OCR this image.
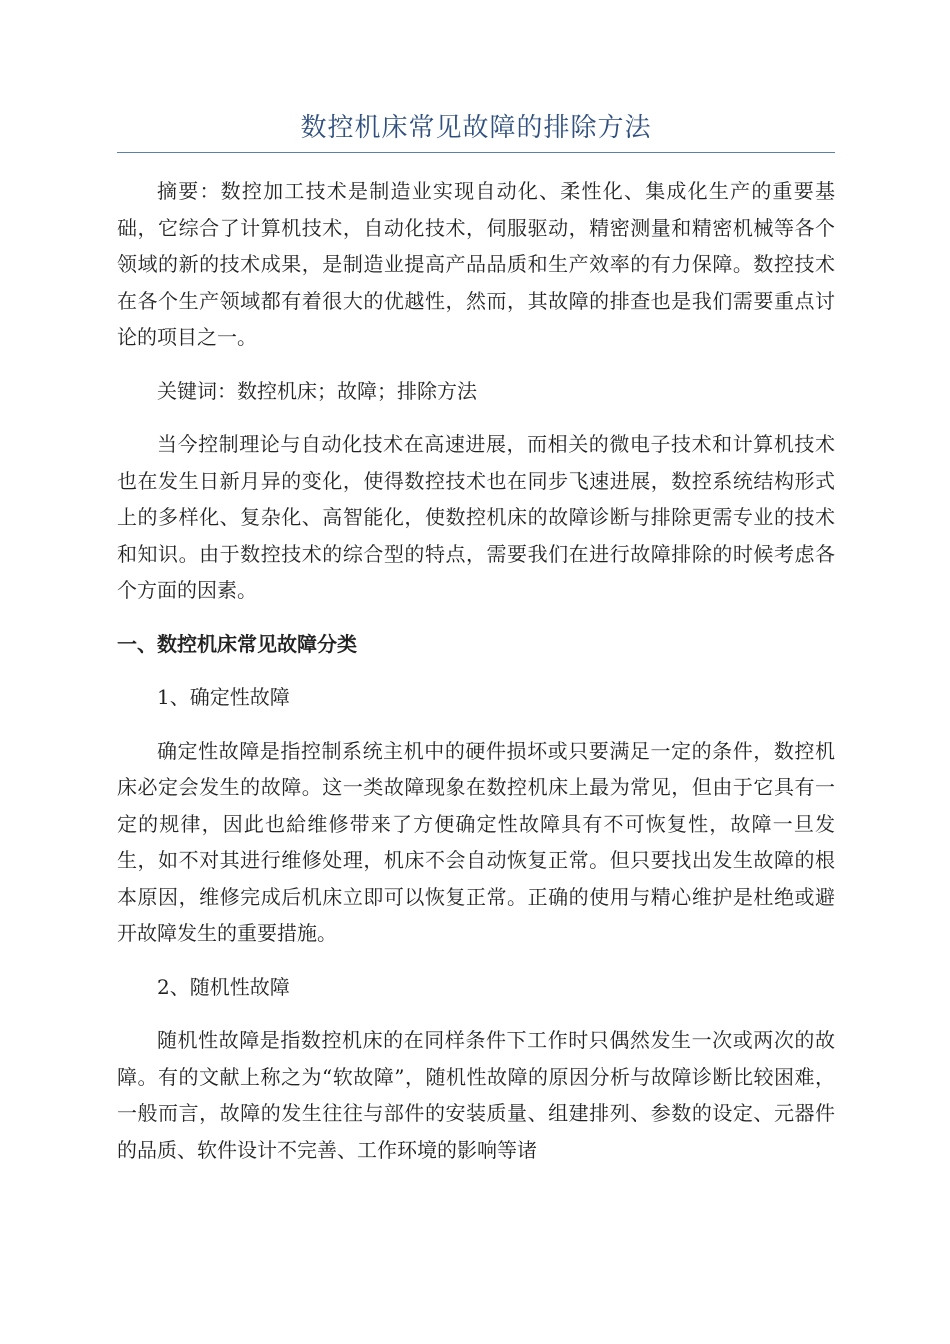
数控机床常见故障的排除方法

摘要：数控加工技术是制造业实现自动化、柔性化、集成化生产的重要基础，它综合了计算机技术，自动化技术，伺服驱动，精密测量和精密机械等各个领域的新的技术成果，是制造业提高产品品质和生产效率的有力保障。数控技术在各个生产领域都有着很大的优越性，然而，其故障的排查也是我们需要重点讨论的项目之一。

关键词：数控机床；故障；排除方法

当今控制理论与自动化技术在高速进展，而相关的微电子技术和计算机技术也在发生日新月异的变化，使得数控技术也在同步飞速进展，数控系统结构形式上的多样化、复杂化、高智能化，使数控机床的故障诊断与排除更需专业的技术和知识。由于数控技术的综合型的特点，需要我们在进行故障排除的时候考虑各个方面的因素。

一、数控机床常见故障分类

1、确定性故障

确定性故障是指控制系统主机中的硬件损坏或只要满足一定的条件，数控机床必定会发生的故障。这一类故障现象在数控机床上最为常见，但由于它具有一定的规律，因此也給维修带来了方便确定性故障具有不可恢复性，故障一旦发生，如不对其进行维修处理，机床不会自动恢复正常。但只要找出发生故障的根本原因，维修完成后机床立即可以恢复正常。正确的使用与精心维护是杜绝或避开故障发生的重要措施。

2、随机性故障

随机性故障是指数控机床的在同样条件下工作时只偶然发生一次或两次的故障。有的文献上称之为“软故障”，随机性故障的原因分析与故障诊断比较困难，一般而言，故障的发生往往与部件的安装质量、组建排列、参数的设定、元器件的品质、软件设计不完善、工作环境的影响等诸
